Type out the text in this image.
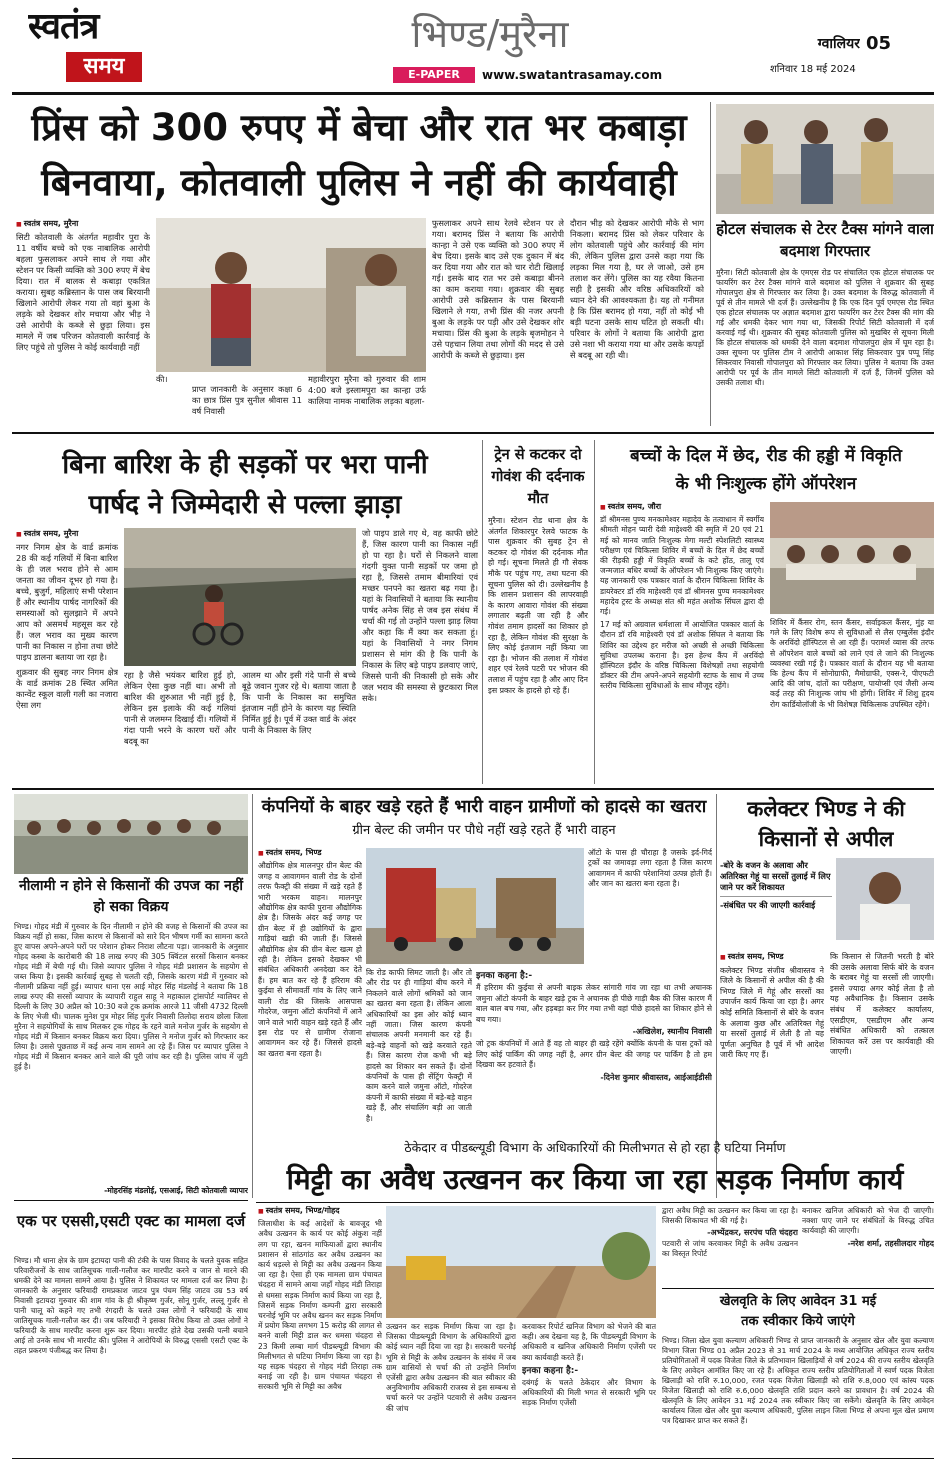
स्वतंत्र
समय
भिण्ड/मुरैना
E-PAPER	www.swatantrasamay.com
ग्वालियर 05
शनिवार 18 मई 2024
प्रिंस को 300 रुपए में बेचा और रात भर कबाड़ा
बिनवाया, कोतवाली पुलिस ने नहीं की कार्यवाही
■ स्वतंत्र समय, मुरैना
सिटी कोतवाली के अंतर्गत महावीर पुरा के 11 वर्षीय बच्चे को एक नाबालिक आरोपी बहला फुसलाकर अपने साथ ले गया और स्टेशन पर किसी व्यक्ति को 300 रुपए में बेच दिया। रात में बालक से कबाड़ा एकत्रित कराया। सुबह कब्रिस्तान के पास जब बिरयानी खिलाने आरोपी लेकर गया तो वहां बुआ के लड़के को देखकर शोर मचाया और भीड़ ने उसे आरोपी के कब्जे से छुड़ा लिया। इस मामले में जब परिजन कोतवाली कार्रवाई के लिए पहुंचे तो पुलिस ने कोई कार्यवाही नहीं
की।
प्राप्त जानकारी के अनुसार कक्षा 6 का छात्र प्रिंस पुत्र सुनील श्रीवास 11 वर्ष निवासी
महावीरपुरा मुरैना को गुरुवार की शाम 4:00 बजे इस्लामपुरा का कान्हा उर्फ कालिया नामक नाबालिक लड़का बहला-
फुसलाकर अपने साथ रेलवे स्टेशन पर ले गया। बरामद प्रिंस ने बताया कि आरोपी कान्हा ने उसे एक व्यक्ति को 300 रुपए में बेच दिया। इसके बाद उसे एक दुकान में बंद कर दिया गया और रात को चार रोटी खिलाई गई। इसके बाद रात भर उसे कबाड़ा बीनने का काम कराया गया। शुक्रवार की सुबह आरोपी उसे कब्रिस्तान के पास बिरयानी खिलाने ले गया, तभी प्रिंस की नजर अपनी बुआ के लड़के पर पड़ी और उसे देखकर शोर मचाया। प्रिंस की बुआ के लड़के बृजमोहन ने उसे पहचान लिया तथा लोगों की मदद से उसे आरोपी के कब्जे से छुड़ाया। इस
दौरान भीड़ को देखकर आरोपी मौके से भाग निकला। बरामद प्रिंस को लेकर परिवार के लोग कोतवाली पहुंचे और कार्रवाई की मांग की, लेकिन पुलिस द्वारा उनसे कहा गया कि लड़का मिल गया है, घर ले जाओ, उसे हम तलाश कर लेंगे। पुलिस का यह रवैया कितना सही है इसकी और वरिष्ठ अधिकारियों को ध्यान देने की आवश्यकता है। यह तो गनीमत है कि प्रिंस बरामद हो गया, नहीं तो कोई भी बड़ी घटना उसके साथ घटित हो सकती थी। परिवार के लोगों ने बताया कि आरोपी द्वारा उसे नशा भी कराया गया था और उसके कपड़ों से बदबू आ रही थी।
होटल संचालक से टेरर टैक्स मांगने वाला बदमाश गिरफ्तार
मुरैना। सिटी कोतवाली क्षेत्र के एमएस रोड पर संचालित एक होटल संचालक पर फायरिंग कर टेरर टैक्स मांगने वाले बदमाश को पुलिस ने शुक्रवार की सुबह गोपालपुरा क्षेत्र से गिरफ्तार कर लिया है। उक्त बदमाश के विरुद्ध कोतवाली में पूर्व से तीन मामले भी दर्ज हैं। उल्लेखनीय है कि एक दिन पूर्व एमएस रोड स्थित एक होटल संचालक पर अज्ञात बदमाश द्वारा फायरिंग कर टेरर टैक्स की मांग की गई और धमकी देकर भाग गया था, जिसकी रिपोर्ट सिटी कोतवाली में दर्ज करवाई गई थी। शुक्रवार की सुबह कोतवाली पुलिस को मुखबिर से सूचना मिली कि होटल संचालक को धमकी देने वाला बदमाश गोपालपुरा क्षेत्र में घूम रहा है। उक्त सूचना पर पुलिस टीम ने आरोपी आकाश सिंह सिकरवार पुत्र पप्पू सिंह सिकरवार निवासी गोपालपुरा को गिरफ्तार कर लिया। पुलिस ने बताया कि उक्त आरोपी पर पूर्व के तीन मामले सिटी कोतवाली में दर्ज हैं, जिनमें पुलिस को उसकी तलाश थी।
बिना बारिश के ही सड़कों पर भरा पानी
पार्षद ने जिम्मेदारी से पल्ला झाड़ा
■ स्वतंत्र समय, मुरैना
नगर निगम क्षेत्र के वार्ड क्रमांक 28 की कई गलियों में बिना बारिश के ही जल भराव होने से आम जनता का जीवन दूभर हो गया है। बच्चे, बुजुर्ग, महिलाएं सभी परेशान हैं और स्थानीय पार्षद नागरिकों की समस्याओं को सुलझाने में अपने आप को असमर्थ महसूस कर रहे हैं। जल भराव का मुख्य कारण पानी का निकास न होना तथा छोटे पाइप डालना बताया जा रहा है।
शुक्रवार की सुबह नगर निगम क्षेत्र के वार्ड क्रमांक 28 स्थित अमित कान्वेंट स्कूल वाली गली का नजारा ऐसा लग
रहा है जैसे भयंकर बारिश हुई हो, लेकिन ऐसा कुछ नहीं था। अभी तो बारिश की शुरुआत भी नहीं हुई है, लेकिन इस इलाके की कई गलियां पानी से जलमग्न दिखाई दीं। गलियों में गंदा पानी भरने के कारण घरों और बदबू का
आलम था और इसी गंदे पानी से बच्चे बूढ़े जवान गुजर रहे थे। बताया जाता है कि पानी के निकास का समुचित इंतजाम नहीं होने के कारण यह स्थिति निर्मित हुई है। पूर्व में उक्त वार्ड के अंदर पानी के निकास के लिए
जो पाइप डाले गए थे, वह काफी छोटे हैं, जिस कारण पानी का निकास नहीं हो पा रहा है। घरों से निकलने वाला गंदगी युक्त पानी सड़कों पर जमा हो रहा है, जिससे तमाम बीमारियां एवं मच्छर पनपने का खतरा बढ़ गया है। यहां के निवासियों ने बताया कि स्थानीय पार्षद अनेक सिंह से जब इस संबंध में चर्चा की गई तो उन्होंने पल्ला झाड़ लिया और कहा कि मैं क्या कर सकता हूं। यहां के निवासियों ने नगर निगम प्रशासन से मांग की है कि पानी के निकास के लिए बड़े पाइप डलवाए जाएं, जिससे पानी की निकासी हो सके और जल भराव की समस्या से छुटकारा मिल सके।
ट्रेन से कटकर दो गोवंश की दर्दनाक मौत
मुरैना। स्टेशन रोड थाना क्षेत्र के अंतर्गत शिकारपुर रेलवे फाटक के पास शुक्रवार की सुबह ट्रेन से कटकर दो गोवंश की दर्दनाक मौत हो गई। सूचना मिलते ही गौ सेवक मौके पर पहुंच गए, तथा घटना की सूचना पुलिस को दी। उल्लेखनीय है कि शासन प्रशासन की लापरवाही के कारण आवारा गोवंश की संख्या लगातार बढ़ती जा रही है और गोवंश तमाम हादसों का शिकार हो रहा है, लेकिन गोवंश की सुरक्षा के लिए कोई इंतजाम नहीं किया जा रहा है। भोजन की तलाश में गोवंश शहर एवं रेलवे पटरी पर भोजन की तलाश में पहुंच रहा है और आए दिन इस प्रकार के हादसे हो रहे हैं।
बच्चों के दिल में छेद, रीड की हड्डी में विकृति
के भी निःशुल्क होंगे ऑपरेशन
■ स्वतंत्र समय, जौरा
डॉ श्रीमनस पुण्य मनकामेश्वर महादेव के तत्वाधान में स्वर्गीय श्रीमती मोहन प्यारी देवी माहेश्वरी की स्मृति में 20 एवं 21 मई को मानव जाति निःशुल्क मेगा मल्टी स्पेशलिटी स्वास्थ्य परीक्षण एवं चिकित्सा शिविर में बच्चों के दिल में छेद बच्चों की रीड़की हड्डी में विकृति बच्चों के कटे होंठ, तालू एवं जन्मजात बधिर बच्चों के ऑपरेशन भी निःशुल्क किए जाएंगे। यह जानकारी एक पत्रकार वार्ता के दौरान चिकित्सा शिविर के डायरेक्टर डॉ रवि माहेश्वरी एवं डॉ श्रीमनस पुण्य मनकामेश्वर महादेव ट्रस्ट के अध्यक्ष संत श्री महंत अशोक सिंघल द्वारा दी गई।
17 मई को अग्रवाल धर्मशाला में आयोजित पत्रकार वार्ता के दौरान डॉ रवि माहेश्वरी एवं डॉ अशोक सिंघल ने बताया कि शिविर का उद्देश्य हर मरीज को अच्छी से अच्छी चिकित्सा सुविधा उपलब्ध कराना है। इस हेल्थ कैंप में अरविंदो हॉस्पिटल इंदौर के वरिष्ठ चिकित्सा विशेषज्ञों तथा सहयोगी डॉक्टर की टीम अपने-अपने सहयोगी स्टाफ के साथ में उच्च स्तरीय चिकित्सा सुविधाओं के साथ मौजूद रहेंगे।
शिविर में कैंसर रोग, स्तन कैंसर, सर्वाइकल कैंसर, मुंह या गले के लिए विशेष रूप से सुविधाओं से लैस एम्बुलेंस इंदौर के अरविंदो हॉस्पिटल से आ रही हैं। परामर्श व्यास की तरफ से ऑपरेशन वाले बच्चों को लाने एवं ले जाने की निःशुल्क व्यवस्था रखी गई है। पत्रकार वार्ता के दौरान यह भी बताया कि हेल्थ कैंप में सोनोग्राफी, मैमोग्राफी, एक्स-रे, पीएफटी आदि की जांच, दांतों का परीक्षण, पायोप्सी एवं जैसी अन्य कई तरह की निःशुल्क जांच भी होंगी। शिविर में शिशु हृदय रोग कार्डियोलॉजी के भी विशेषज्ञ चिकित्सक उपस्थित रहेंगे।
नीलामी न होने से किसानों की उपज का नहीं हो सका विक्रय
भिण्ड। गोहद मंडी में गुरुवार के दिन नीलामी न होने की वजह से किसानों की उपज का विक्रय नहीं हो सका, जिस कारण से किसानों को सारे दिन भीषण गर्मी का सामना करते हुए वापस अपने-अपने घरों पर परेशान होकर निराश लौटना पड़ा। जानकारी के अनुसार गोहद कस्बा के कारोबारी की 18 लाख रुपए की 305 क्विंटल सरसों किसान बनकर गोहद मंडी में बेची गई थी। जिसे व्यापार पुलिस ने गोहद मंडी प्रशासन के सहयोग से जब्त किया है। इसकी कार्रवाई सुबह से चलती रही, जिसके कारण मंडी में गुरुवार को नीलामी प्रक्रिया नहीं हुई। व्यापार थाना एस आई मोहर सिंह मंडलोई ने बताया कि 18 लाख रुपए की सरसों व्यापार के व्यापारी राहुल साहू ने महाकाल ट्रांसपोर्ट ग्वालियर से दिल्ली के लिए 30 अप्रैल को 10:30 बजे ट्रक क्रमांक आरजे 11 जीसी 4732 दिल्ली के लिए भेजी थी। चालक मुनेश पुत्र मोहर सिंह गुर्जर निवासी तिलोदा सराय छोला जिला मुरैना ने सहयोगियों के साथ मिलकर ट्रक गोहद के रहने वाले मनोज गुर्जर के सहयोग से गोहद मंडी में किसान बनकर विक्रय करा दिया। पुलिस ने मनोज गुर्जर को गिरफ्तार कर लिया है। उससे पूछताछ में कई अन्य नाम सामने आ रहे हैं। जिस पर व्यापार पुलिस ने गोहद मंडी में किसान बनकर आने वाले की पूरी जांच कर रही है। पुलिस जांच में जुटी हुई है।
-मोहरसिंह मंडलोई, एसआई, सिटी कोतवाली व्यापार
कंपनियों के बाहर खड़े रहते हैं भारी वाहन ग्रामीणों को हादसे का खतरा
ग्रीन बेल्ट की जमीन पर पौधे नहीं खड़े रहते हैं भारी वाहन
■ स्वतंत्र समय, भिण्ड
औद्योगिक क्षेत्र मालनपुर ग्रीन बेल्ट की जगह व आवागमन वाली रोड के दोनों तरफ फैक्ट्री की संख्या में खड़े रहते हैं भारी भरकम वाहन। मालनपुर औद्योगिक क्षेत्र काफी पुराना औद्योगिक क्षेत्र है। जिसके अंदर कई जगह पर ग्रीन बेल्ट में ही उद्योगियों के द्वारा गाड़ियां खड़ी की जाती हैं। जिससे औद्योगिक क्षेत्र की ग्रीन बेल्ट खत्म हो रही है। लेकिन इसको देखकर भी संबंधित अधिकारी अनदेखा कर देते हैं। हम बात कर रहे हैं हरिराम की कुईया से सीमावर्ती गांव के लिए जाने वाली रोड की जिसके आसपास गोदरेज, जमुना ऑटो कंपनियों में आने जाने वाले भारी वाहन खड़े रहते हैं और इस रोड पर से ग्रामीण रोजाना आवागमन कर रहे हैं। जिससे हादसे का खतरा बना रहता है।
कि रोड काफी सिमट जाती है। और तो और रोड पर ही गाड़ियां बीच करने में निकलने वाले लोगों श्रमिकों को जान का खतरा बना रहता है। लेकिन आला अधिकारियों का इस ओर कोई ध्यान नहीं जाता। जिस कारण कंपनी संचालक अपनी मनमानी कर रहे हैं। बड़े-बड़े वाहनों को खड़े करवाते रहते हैं। जिस कारण रोज कभी भी बड़े हादसे का शिकार बन सकते हैं। दोनों कंपनियों के पास ही सेंट्रिंग फेक्ट्री में काम करने वाले जमुना ऑटो, गोदरेज कंपनी में काफी संख्या में बड़े-बड़े वाहन खड़े हैं, और संचालिंग बड़ी आ जाती है।
इनका कहना है:-
मैं हरिराम की कुईया से अपनी बाइक लेकर सांगारी गांव जा रहा था तभी अचानक जमुना ऑटो कंपनी के बाहर खड़े ट्रक ने अचानक ही पीछे गाड़ी बैक की जिस कारण मैं बाल बाल बच गया, और हड़बड़ा कर गिर गया तभी वहां पीछे हादसे का शिकार होने से बच गया।
-अखिलेश, स्थानीय निवासी
जो ट्रक कंपनियों में आते हैं वह तो बाहर ही खड़े रहेंगे क्योंकि कंपनी के पास ट्रकों को लिए कोई पार्किंग की जगह नहीं है, अगर ग्रीन बेल्ट की जगह पर पार्किंग है तो हम दिखवा कर हटवाते हैं।
-दिनेश कुमार श्रीवास्तव, आईआईडीसी
ऑटो के पास ही चौराहा है जसके इर्द-गिर्द ट्रकों का जमावड़ा लगा रहता है जिस कारण आवागमन में काफी परेशानियां उत्पन्न होती हैं। और जान का खतरा बना रहता है।
कलेक्टर भिण्ड ने की
किसानों से अपील
-बोरे के वजन के अलावा और अतिरिक्त गेहूं या सरसों तुलाई में लिए जाने पर करें शिकायत
-संबंधित पर की जाएगी कार्रवाई
■ स्वतंत्र समय, भिण्ड
कलेक्टर भिण्ड संजीव श्रीवास्तव ने जिले के किसानों से अपील की है की भिण्ड जिले में गेहूं और सरसों का उपार्जन कार्य किया जा रहा है। अगर कोई समिति किसानों से बोरे के वजन के अलावा कुछ और अतिरिक्त गेहूं या सरसों तुलाई में लेती है तो यह पूर्णतः अनुचित है पूर्व में भी आदेश जारी किए गए हैं।
कि किसान से जितनी भरती है बोरे की उसके अलावा सिर्फ बोरे के वजन के बराबर गेहूं या सरसों ली जाएगी। इससे ज्यादा अगर कोई लेता है तो यह अवैधानिक है। किसान उसके संबंध में कलेक्टर कार्यालय, एसडीएम, एसडीएम और अन्य संबंधित अधिकारी को तत्काल शिकायत करें उस पर कार्यवाही की जाएगी।
ठेकेदार व पीडब्ल्यूडी विभाग के अधिकारियों की मिलीभगत से हो रहा है घटिया निर्माण
मिट्टी का अवैध उत्खनन कर किया जा रहा सड़क निर्माण कार्य
■ स्वतंत्र समय, भिण्ड/गोहद
जिलाधीश के कई आदेशों के बावजूद भी अवैध उत्खनन के कार्य पर कोई अंकुश नहीं लग पा रहा, खनन माफियाओं द्वारा स्थानीय प्रशासन से सांठगांठ कर अवैध उत्खनन का कार्य धड़ल्ले से मिट्टी का अवैध उत्खनन किया जा रहा है। ऐसा ही एक मामला ग्राम पंचायत चंदहरा में सामने आया जहाँ गोहद मंडी तिराहा से धमसा सड़क निर्माण कार्य किया जा रहा है, जिसमें सड़क निर्माण कम्पनी द्वारा सरकारी चरनोई भूमि पर अवैध खनन कर सड़क निर्माण में प्रयोग किया लगभग 15 करोड़ की लागत से बनने वाली मिट्टी डाल कर धमसा चंदहरा से 23 किमी लम्बा मार्ग पीडब्ल्यूडी विभाग की मिलीभगत से घटिया निर्माण किया जा रहा है। यह सड़क चंदहरा से गोहद मंडी तिराहा तक बनाई जा रही है। ग्राम पंचायत चंदहरा से सरकारी भूमि से मिट्टी का अवैध
उत्खनन कर सड़क निर्माण किया जा रहा है। जिसका पीडब्ल्यूडी विभाग के अधिकारियों द्वारा कोई ध्यान नहीं दिया जा रहा है। सरकारी चरनोई भूमि से मिट्टी के अवैध उत्खनन के संबंध में जब ग्राम वासियों से चर्चा की तो उन्होंने निर्माण एजेंसी द्वारा अवैध उत्खनन की बात स्वीकार की अनुविभागीय अधिकारी राजस्व से इस सम्बन्ध से चर्चा करने पर उन्होंने पटवारी से अवैध उत्खनन की जांच
करवाकर रिपोर्ट खनिज विभाग को भेजने की बात कही। अब देखना यह है, कि पीडब्ल्यूडी विभाग के अधिकारी व खनिज अधिकारी निर्माण एजेंसी पर क्या कार्यवाही करते हैं।
इनका कहना है:-
दबंगई के चलते ठेकेदार और विभाग के अधिकारियों की मिली भगत से सरकारी भूमि पर सड़क निर्माण एजेंसी
द्वारा अवैध मिट्टी का उत्खनन कर किया जा रहा है। जिसकी शिकायत भी की गई है।
-अभ्येंद्रकर, सरपंच पति चंदहरा
पटवारी से जांच करवाकर मिट्टी के अवैध उत्खनन का विस्तृत रिपोर्ट
बनाकर खनिज अधिकारी को भेज दी जाएगी। नक्शा पाए जाने पर संबंधितों के विरुद्ध उचित कार्यवाही की जाएगी।
-नरेश शर्मा, तहसीलदार गोहद
खेलवृति के लिए आवेदन 31 मई
तक स्वीकार किये जाएंगे
भिण्ड। जिला खेल युवा कल्याण अधिकारी भिण्ड से प्राप्त जानकारी के अनुसार खेल और युवा कल्याण विभाग जिला भिण्ड 01 अप्रैल 2023 से 31 मार्च 2024 के मध्य आयोजित अधिकृत राज्य स्तरीय प्रतियोगिताओं में पदक विजेता जिले के प्रतिभावान खिलाड़ियों से वर्ष 2024 की राज्य स्तरीय खेलवृति के लिए आवेदन आमंत्रित किए जा रहे हैं। अधिकृत राज्य स्तरीय प्रतियोगिताओं में स्वर्ण पदक विजेता खिलाड़ी को राशि रु.10,000, रजत पदक विजेता खिलाड़ी को राशि रु.8,000 एवं कांस्य पदक विजेता खिलाड़ी को राशि रु.6,000 खेलवृति राशि प्रदान करने का प्रावधान है। वर्ष 2024 की खेलवृति के लिए आवेदन 31 मई 2024 तक स्वीकार किए जा सकेंगे। खेलवृति के लिए आवेदन कार्यालय जिला खेल और युवा कल्याण अधिकारी, पुलिस लाइन जिला भिण्ड से अपना मूल खेल प्रमाण पत्र दिखाकर प्राप्त कर सकते हैं।
एक पर एससी,एसटी एक्ट का मामला दर्ज
भिण्ड। मौ थाना क्षेत्र के ग्राम इटायदा पानी की टंकी के पास विवाद के चलते युवक सहित परिवारीजनों के साथ जातिसूचक गाली-गलौज कर मारपीट करने व जान से मारने की धमकी देने का मामला सामने आया है। पुलिस ने शिकायत पर मामला दर्ज कर लिया है। जानकारी के अनुसार फरियादी रामप्रकाश जाटव पुत्र पंचम सिंह जाटव उम्र 53 वर्ष निवासी इटायदा गुरुवार की शाम गांव के ही श्रीकृष्ण गुर्जर, सोनू गुर्जर, लल्लू गुर्जर से पानी चालू को कहने गए तभी रंगदारी के चलते उक्त लोगों ने फरियादी के साथ जातिसूचक गाली-गलौज कर दी। जब फरियादी ने इसका विरोध किया तो उक्त लोगों ने फरियादी के साथ मारपीट करना शुरू कर दिया। मारपीट होते देख उसकी पत्नी बचाने आई तो उनके साथ भी मारपीट की। पुलिस ने आरोपियों के विरुद्ध एससी एसटी एक्ट के तहत प्रकरण पंजीबद्ध कर लिया है।
